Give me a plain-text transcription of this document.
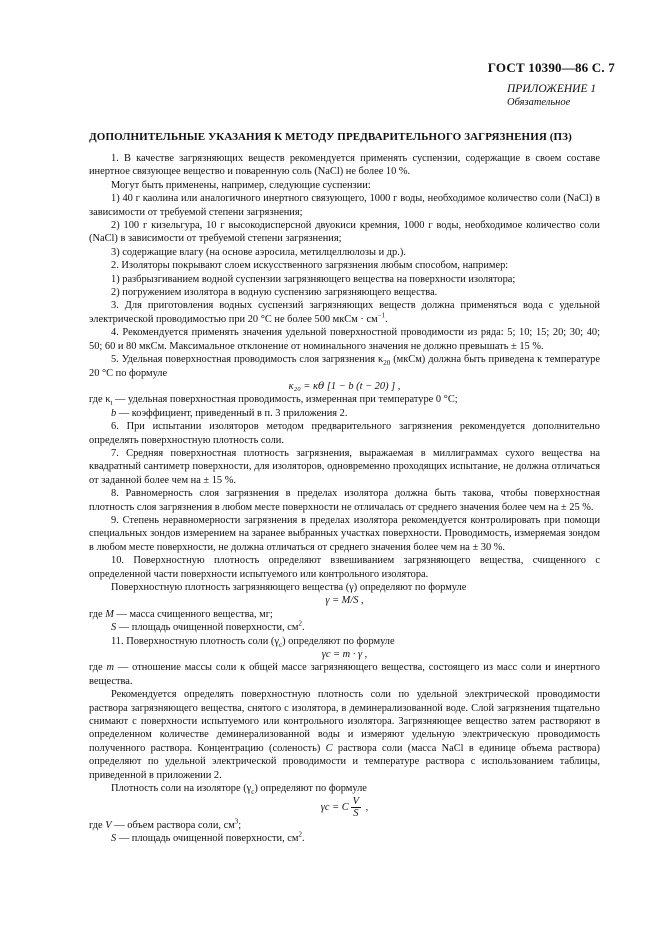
ГОСТ 10390—86 С. 7
ПРИЛОЖЕНИЕ 1
Обязательное
ДОПОЛНИТЕЛЬНЫЕ УКАЗАНИЯ К МЕТОДУ ПРЕДВАРИТЕЛЬНОГО ЗАГРЯЗНЕНИЯ (ПЗ)

1. В качестве загрязняющих веществ рекомендуется применять суспензии, содержащие в своем составе инертное связующее вещество и поваренную соль (NaCl) не более 10 %.

Могут быть применены, например, следующие суспензии:

1) 40 г каолина или аналогичного инертного связующего, 1000 г воды, необходимое количество соли (NaCl) в зависимости от требуемой степени загрязнения;

2) 100 г кизельгура, 10 г высокодисперсной двуокиси кремния, 1000 г воды, необходимое количество соли (NaCl) в зависимости от требуемой степени загрязнения;

3) содержащие влагу (на основе аэросила, метилцеллюлозы и др.).

2. Изоляторы покрывают слоем искусственного загрязнения любым способом, например:

1) разбрызгиванием водной суспензии загрязняющего вещества на поверхности изолятора;

2) погружением изолятора в водную суспензию загрязняющего вещества.

3. Для приготовления водных суспензий загрязняющих веществ должна применяться вода с удельной электрической проводимостью при 20 °С не более 500 мкСм · $см^{-1}$.

4. Рекомендуется применять значения удельной поверхностной проводимости из ряда: 5; 10; 15; 20; 30; 40; 50; 60 и 80 мкСм. Максимальное отклонение от номинального значения не должно превышать ± 15 %.

5. Удельная поверхностная проводимость слоя загрязнения $\kappa_{20}$ (мкСм) должна быть приведена к температуре 20 °С по формуле

κ₂₀ = κ𝜃 [1 − b (t − 20) ] ,

где $\kappa_t$ — удельная поверхностная проводимость, измеренная при температуре 0 °С;

b — коэффициент, приведенный в п. 3 приложения 2.

6. При испытании изоляторов методом предварительного загрязнения рекомендуется дополнительно определять поверхностную плотность соли.

7. Средняя поверхностная плотность загрязнения, выражаемая в миллиграммах сухого вещества на квадратный сантиметр поверхности, для изоляторов, одновременно проходящих испытание, не должна отличаться от заданной более чем на ± 15 %.

8. Равномерность слоя загрязнения в пределах изолятора должна быть такова, чтобы поверхностная плотность слоя загрязнения в любом месте поверхности не отличалась от среднего значения более чем на ± 25 %.

9. Степень неравномерности загрязнения в пределах изолятора рекомендуется контролировать при помощи специальных зондов измерением на заранее выбранных участках поверхности. Проводимость, измеряемая зондом в любом месте поверхности, не должна отличаться от среднего значения более чем на ± 30 %.

10. Поверхностную плотность определяют взвешиванием загрязняющего вещества, счищенного с определенной части поверхности испытуемого или контрольного изолятора.

Поверхностную плотность загрязняющего вещества (γ) определяют по формуле

γ = M/S ,

где M — масса счищенного вещества, мг;

S — площадь очищенной поверхности, $см^2$.

11. Поверхностную плотность соли $(\gamma_c)$ определяют по формуле

γc = m · γ ,

где m — отношение массы соли к общей массе загрязняющего вещества, состоящего из масс соли и инертного вещества.

Рекомендуется определять поверхностную плотность соли по удельной электрической проводимости раствора загрязняющего вещества, снятого с изолятора, в деминерализованной воде. Слой загрязнения тщательно снимают с поверхности испытуемого или контрольного изолятора. Загрязняющее вещество затем растворяют в определенном количестве деминерализованной воды и измеряют удельную электрическую проводимость полученного раствора. Концентрацию (соленость) C раствора соли (масса NaCl в единице объема раствора) определяют по удельной электрической проводимости и температуре раствора с использованием таблицы, приведенной в приложении 2.

Плотность соли на изоляторе $(\gamma_c)$ определяют по формуле

γc = C $\frac{V}{S}$ ,

где V — объем раствора соли, $см^3$;

S — площадь очищенной поверхности, $см^2$.
